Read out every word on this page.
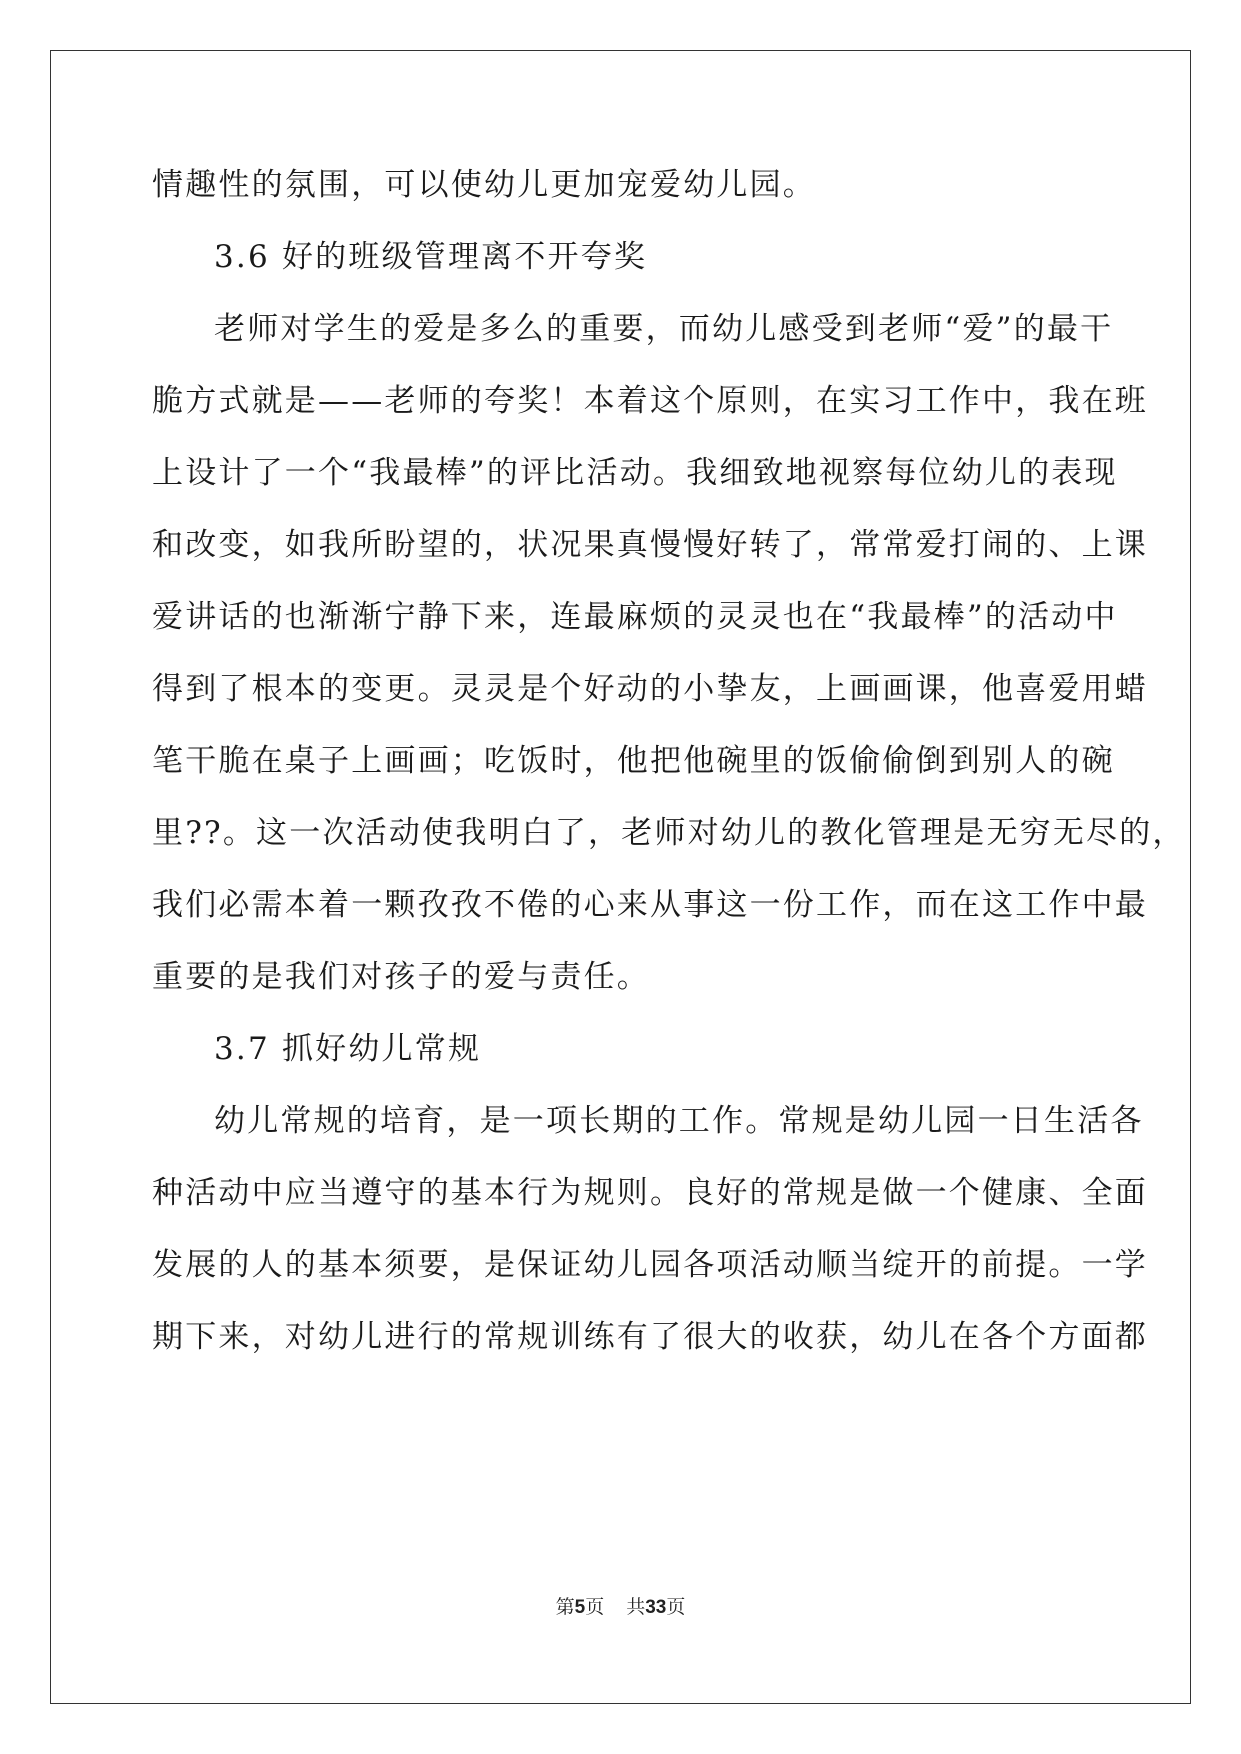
情趣性的氛围，可以使幼儿更加宠爱幼儿园。
3.6 好的班级管理离不开夸奖
老师对学生的爱是多么的重要，而幼儿感受到老师“爱”的最干
脆方式就是——老师的夸奖！本着这个原则，在实习工作中，我在班
上设计了一个“我最棒”的评比活动。我细致地视察每位幼儿的表现
和改变，如我所盼望的，状况果真慢慢好转了，常常爱打闹的、上课
爱讲话的也渐渐宁静下来，连最麻烦的灵灵也在“我最棒”的活动中
得到了根本的变更。灵灵是个好动的小挚友，上画画课，他喜爱用蜡
笔干脆在桌子上画画；吃饭时，他把他碗里的饭偷偷倒到别人的碗
里??。这一次活动使我明白了，老师对幼儿的教化管理是无穷无尽的，
我们必需本着一颗孜孜不倦的心来从事这一份工作，而在这工作中最
重要的是我们对孩子的爱与责任。
3.7 抓好幼儿常规
幼儿常规的培育，是一项长期的工作。常规是幼儿园一日生活各
种活动中应当遵守的基本行为规则。良好的常规是做一个健康、全面
发展的人的基本须要，是保证幼儿园各项活动顺当绽开的前提。一学
期下来，对幼儿进行的常规训练有了很大的收获，幼儿在各个方面都
第5页 共33页
